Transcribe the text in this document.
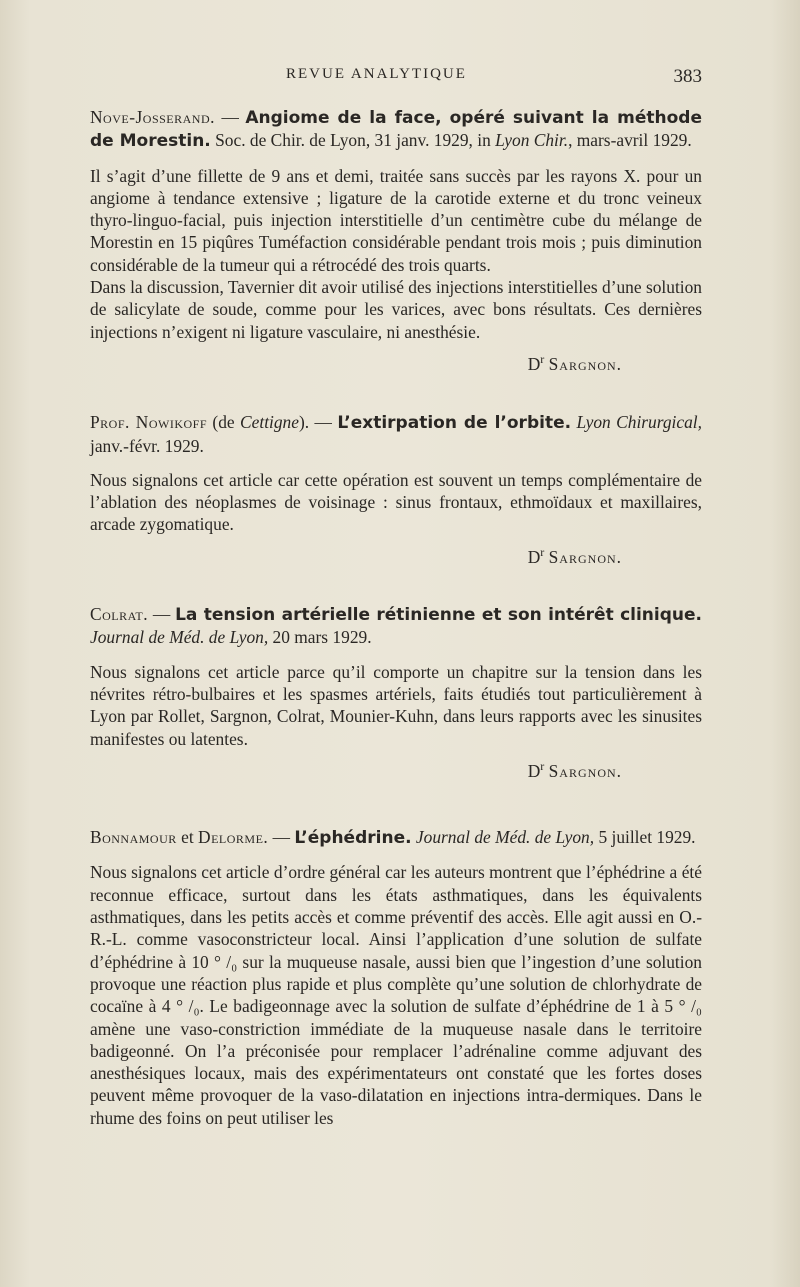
REVUE ANALYTIQUE	383

Nove-Josserand. — Angiome de la face, opéré suivant la méthode de Morestin. Soc. de Chir. de Lyon, 31 janv. 1929, in Lyon Chir., mars-avril 1929.

Il s’agit d’une fillette de 9 ans et demi, traitée sans succès par les rayons X. pour un angiome à tendance extensive ; ligature de la carotide externe et du tronc veineux thyro-linguo-facial, puis injection interstitielle d’un centimètre cube du mélange de Morestin en 15 piqûres Tuméfaction considérable pendant trois mois ; puis diminution considérable de la tumeur qui a rétrocédé des trois quarts.

Dans la discussion, Tavernier dit avoir utilisé des injections interstitielles d’une solution de salicylate de soude, comme pour les varices, avec bons résultats. Ces dernières injections n’exigent ni ligature vasculaire, ni anesthésie.

$D^r$ Sargnon.

Prof. Nowikoff (de Cettigne). — L’extirpation de l’orbite. Lyon Chirurgical, janv.-févr. 1929.

Nous signalons cet article car cette opération est souvent un temps complémentaire de l’ablation des néoplasmes de voisinage : sinus frontaux, ethmoïdaux et maxillaires, arcade zygomatique.

$D^r$ Sargnon.

Colrat. — La tension artérielle rétinienne et son intérêt clinique. Journal de Méd. de Lyon, 20 mars 1929.

Nous signalons cet article parce qu’il comporte un chapitre sur la tension dans les névrites rétro-bulbaires et les spasmes artériels, faits étudiés tout particulièrement à Lyon par Rollet, Sargnon, Colrat, Mounier-Kuhn, dans leurs rapports avec les sinusites manifestes ou latentes.

$D^r$ Sargnon.

Bonnamour et Delorme. — L’éphédrine. Journal de Méd. de Lyon, 5 juillet 1929.

Nous signalons cet article d’ordre général car les auteurs montrent que l’éphédrine a été reconnue efficace, surtout dans les états asthmatiques, dans les équivalents asthmatiques, dans les petits accès et comme préventif des accès. Elle agit aussi en O.-R.-L. comme vasoconstricteur local. Ainsi l’application d’une solution de sulfate d’éphédrine à 10 ° /₀ sur la muqueuse nasale, aussi bien que l’ingestion d’une solution provoque une réaction plus rapide et plus complète qu’une solution de chlorhydrate de cocaïne à 4 ° /₀. Le badigeonnage avec la solution de sulfate d’éphédrine de 1 à 5 ° /₀ amène une vaso-constriction immédiate de la muqueuse nasale dans le territoire badigeonné. On l’a préconisée pour remplacer l’adrénaline comme adjuvant des anesthésiques locaux, mais des expérimentateurs ont constaté que les fortes doses peuvent même provoquer de la vaso-dilatation en injections intra-dermiques. Dans le rhume des foins on peut utiliser les
